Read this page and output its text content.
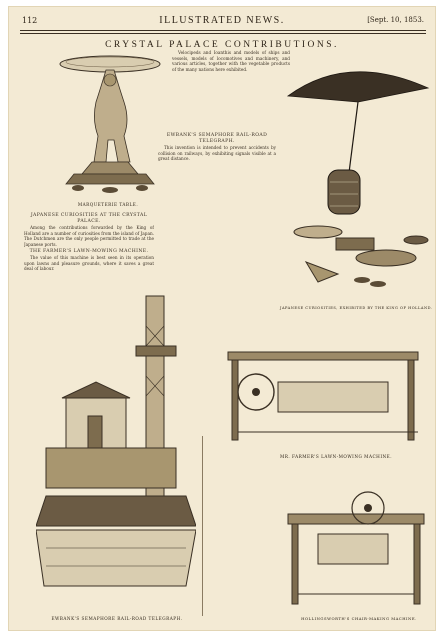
112	ILLUSTRATED NEWS.	[Sept. 10, 1853.
CRYSTAL PALACE CONTRIBUTIONS.
MARQUETERIE TABLE.

Velocipeds and Ioanthis and models of ships and vessels, models of locomotives and machinery, and various articles, together with the vegetable products of the many nations here exhibited.

JAPANESE CURIOSITIES, EXHIBITED BY THE KING OF HOLLAND.
JAPANESE CURIOSITIES AT THE CRYSTAL PALACE.

Among the contributions forwarded by the King of Holland are a number of curiosities from the island of Japan. The Dutchmen are the only people permitted to trade at the Japanese ports.

THE FARMER'S LAWN-MOWING MACHINE.

The value of this machine is best seen in its operation upon lawns and pleasure grounds, where it saves a great deal of labour.

EWBANK'S SEMAPHORE RAIL-ROAD TELEGRAPH.

This invention is intended to prevent accidents by collision on railways, by exhibiting signals visible at a great distance.

EWBANK'S SEMAPHORE RAIL-ROAD TELEGRAPH.
MR. FARMER'S LAWN-MOWING MACHINE.
HOLLINGSWORTH'S CHAIR-MAKING MACHINE.
